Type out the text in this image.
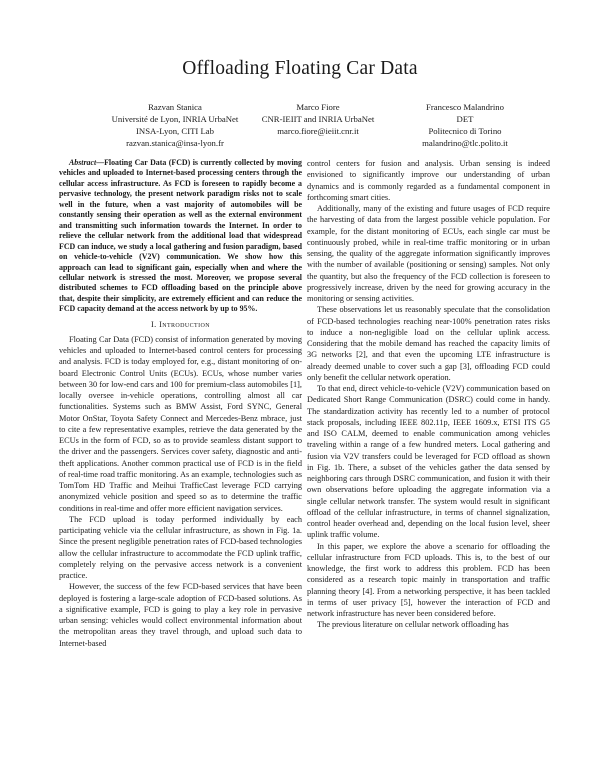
Offloading Floating Car Data
Razvan Stanica
Université de Lyon, INRIA UrbaNet
INSA-Lyon, CITI Lab
razvan.stanica@insa-lyon.fr
Marco Fiore
CNR-IEIIT and INRIA UrbaNet
marco.fiore@ieiit.cnr.it
Francesco Malandrino
DET
Politecnico di Torino
malandrino@tlc.polito.it

Abstract—Floating Car Data (FCD) is currently collected by moving vehicles and uploaded to Internet-based processing centers through the cellular access infrastructure. As FCD is foreseen to rapidly become a pervasive technology, the present network paradigm risks not to scale well in the future, when a vast majority of automobiles will be constantly sensing their operation as well as the external environment and transmitting such information towards the Internet. In order to relieve the cellular network from the additional load that widespread FCD can induce, we study a local gathering and fusion paradigm, based on vehicle-to-vehicle (V2V) communication. We show how this approach can lead to significant gain, especially when and where the cellular network is stressed the most. Moreover, we propose several distributed schemes to FCD offloading based on the principle above that, despite their simplicity, are extremely efficient and can reduce the FCD capacity demand at the access network by up to 95%.

I. Introduction

Floating Car Data (FCD) consist of information generated by moving vehicles and uploaded to Internet-based control centers for processing and analysis. FCD is today employed for, e.g., distant monitoring of on-board Electronic Control Units (ECUs). ECUs, whose number varies between 30 for low-end cars and 100 for premium-class automobiles [1], locally oversee in-vehicle operations, controlling almost all car functionalities. Systems such as BMW Assist, Ford SYNC, General Motor OnStar, Toyota Safety Connect and Mercedes-Benz mbrace, just to cite a few representative examples, retrieve the data generated by the ECUs in the form of FCD, so as to provide seamless distant support to the driver and the passengers. Services cover safety, diagnostic and anti-theft applications. Another common practical use of FCD is in the field of real-time road traffic monitoring. As an example, technologies such as TomTom HD Traffic and Meihui TrafficCast leverage FCD carrying anonymized vehicle position and speed so as to determine the traffic conditions in real-time and offer more efficient navigation services.

The FCD upload is today performed individually by each participating vehicle via the cellular infrastructure, as shown in Fig. 1a. Since the present negligible penetration rates of FCD-based technologies allow the cellular infrastructure to accommodate the FCD uplink traffic, completely relying on the pervasive access network is a convenient practice.

However, the success of the few FCD-based services that have been deployed is fostering a large-scale adoption of FCD-based solutions. As a significative example, FCD is going to play a key role in pervasive urban sensing: vehicles would collect environmental information about the metropolitan areas they travel through, and upload such data to Internet-based

control centers for fusion and analysis. Urban sensing is indeed envisioned to significantly improve our understanding of urban dynamics and is commonly regarded as a fundamental component in forthcoming smart cities.

Additionally, many of the existing and future usages of FCD require the harvesting of data from the largest possible vehicle population. For example, for the distant monitoring of ECUs, each single car must be continuously probed, while in real-time traffic monitoring or in urban sensing, the quality of the aggregate information significantly improves with the number of available (positioning or sensing) samples. Not only the quantity, but also the frequency of the FCD collection is foreseen to progressively increase, driven by the need for growing accuracy in the monitoring or sensing activities.

These observations let us reasonably speculate that the consolidation of FCD-based technologies reaching near-100% penetration rates risks to induce a non-negligible load on the cellular uplink access. Considering that the mobile demand has reached the capacity limits of 3G networks [2], and that even the upcoming LTE infrastructure is already deemed unable to cover such a gap [3], offloading FCD could only benefit the cellular network operation.

To that end, direct vehicle-to-vehicle (V2V) communication based on Dedicated Short Range Communication (DSRC) could come in handy. The standardization activity has recently led to a number of protocol stack proposals, including IEEE 802.11p, IEEE 1609.x, ETSI ITS G5 and ISO CALM, deemed to enable communication among vehicles traveling within a range of a few hundred meters. Local gathering and fusion via V2V transfers could be leveraged for FCD offload as shown in Fig. 1b. There, a subset of the vehicles gather the data sensed by neighboring cars through DSRC communication, and fusion it with their own observations before uploading the aggregate information via a single cellular network transfer. The system would result in significant offload of the cellular infrastructure, in terms of channel signalization, control header overhead and, depending on the local fusion level, sheer uplink traffic volume.

In this paper, we explore the above a scenario for offloading the cellular infrastructure from FCD uploads. This is, to the best of our knowledge, the first work to address this problem. FCD has been considered as a research topic mainly in transportation and traffic planning theory [4]. From a networking perspective, it has been tackled in terms of user privacy [5], however the interaction of FCD and network infrastructure has never been considered before.

The previous literature on cellular network offloading has
